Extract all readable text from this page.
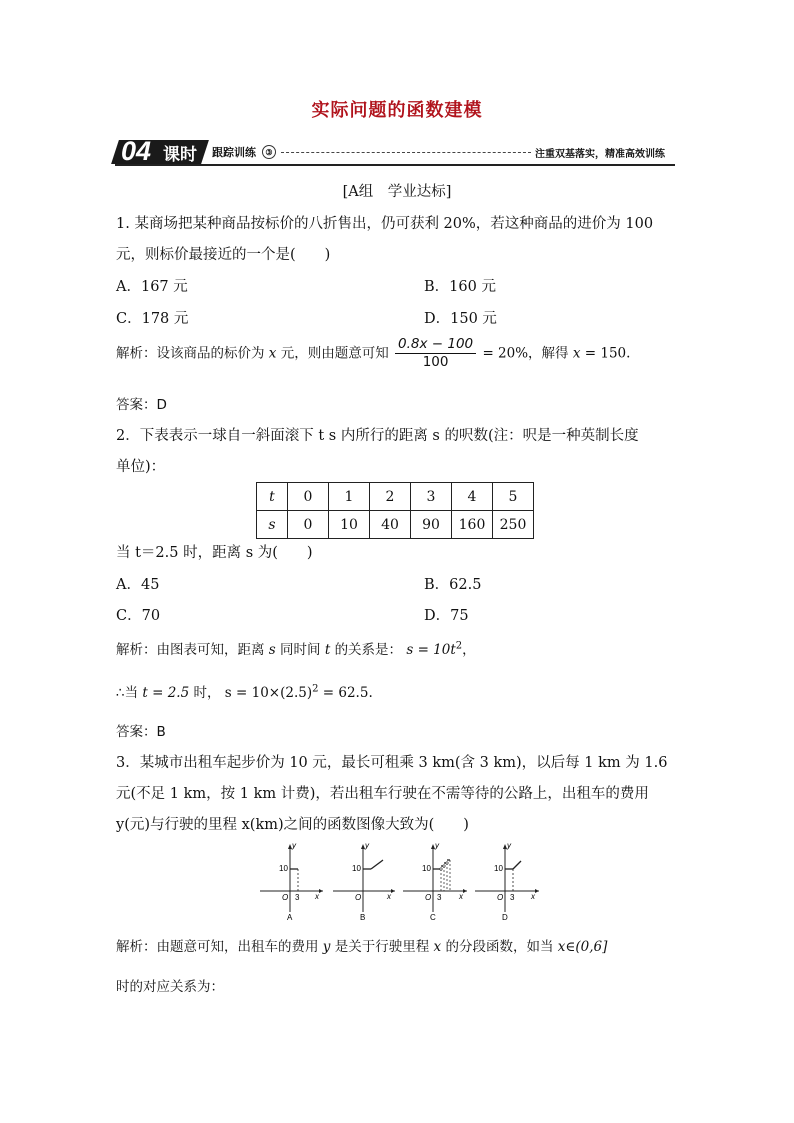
实际问题的函数建模
04 课时 跟踪训练	③	注重双基落实，精准高效训练
[A组　学业达标]
1. 某商场把某种商品按标价的八折售出，仍可获利 20%，若这种商品的进价为 100
元，则标价最接近的一个是(　　)
A．167 元	B．160 元
C．178 元	D．150 元
解析：设该商品的标价为 x 元，则由题意可知 $\frac{0.8x - 100}{100} = 20\%$，解得 x = 150.
答案：D
2．下表表示一球自一斜面滚下 t s 内所行的距离 s 的呎数(注：呎是一种英制长度
单位)：
t	0	1	2	3	4	5
s	0	10	40	90	160	250
当 t＝2.5 时，距离 s 为(　　)
A．45	B．62.5
C．70	D．75
解析：由图表可知，距离 s 同时间 t 的关系是： $s = 10t^2$，
∴当 t = 2.5 时， $s = 10\times(2.5)^2 = 62.5$.
答案：B
3．某城市出租车起步价为 10 元，最长可租乘 3 km(含 3 km)，以后每 1 km 为 1.6
元(不足 1 km，按 1 km 计费)，若出租车行驶在不需等待的公路上，出租车的费用
y(元)与行驶的里程 x(km)之间的函数图像大致为(　　)
y
10
O 3 x
A
y
10
O	x
B
y
10
O 3 x
C
y
10
O 3 x
D
解析：由题意可知，出租车的费用 y 是关于行驶里程 x 的分段函数，如当 x∈(0,6]
时的对应关系为：
